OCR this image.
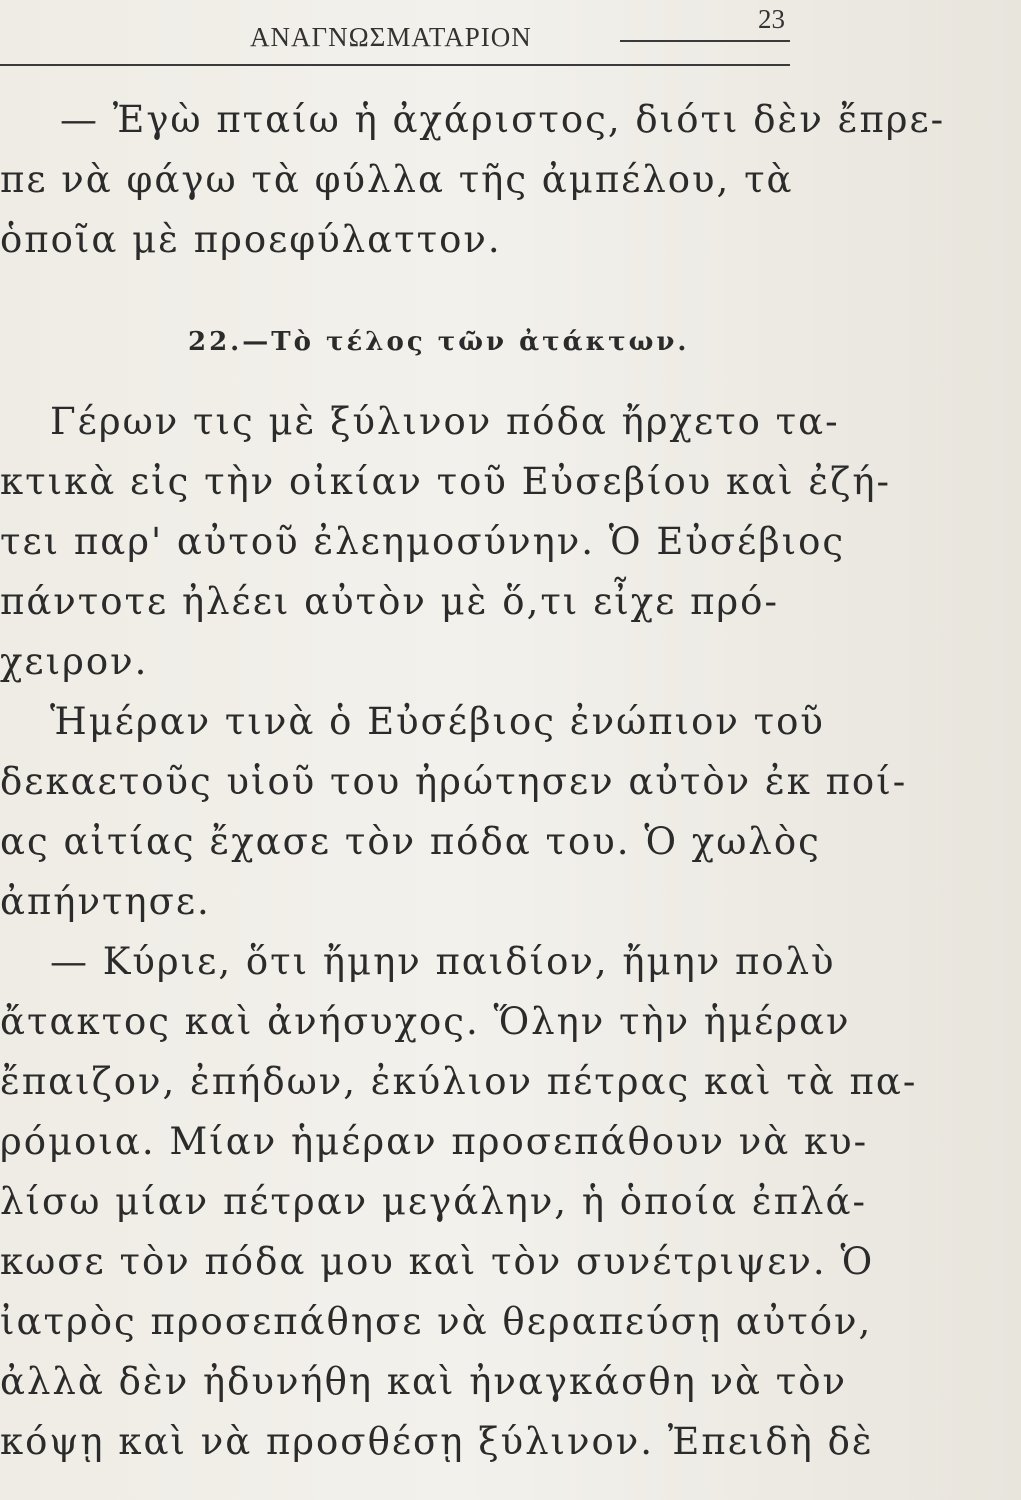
ΑΝΑΓΝΩΣΜΑΤΑΡΙΟΝ
23
— Ἐγὼ πταίω ἡ ἀχάριστος, διότι δὲν ἔπρε-
πε νὰ φάγω τὰ φύλλα τῆς ἀμπέλου, τὰ
ὁποῖα μὲ προεφύλαττον.
22.—Τὸ τέλος τῶν ἀτάκτων.
Γέρων τις μὲ ξύλινον πόδα ἤρχετο τα-
κτικὰ εἰς τὴν οἰκίαν τοῦ Εὐσεβίου καὶ ἐζή-
τει παρ' αὐτοῦ ἐλεημοσύνην. Ὁ Εὐσέβιος
πάντοτε ἠλέει αὐτὸν μὲ ὅ,τι εἶχε πρό-
χειρον.
Ἡμέραν τινὰ ὁ Εὐσέβιος ἐνώπιον τοῦ
δεκαετοῦς υἱοῦ του ἠρώτησεν αὐτὸν ἐκ ποί-
ας αἰτίας ἔχασε τὸν πόδα του. Ὁ χωλὸς
ἀπήντησε.
— Κύριε, ὅτι ἤμην παιδίον, ἤμην πολὺ
ἄτακτος καὶ ἀνήσυχος. Ὅλην τὴν ἡμέραν
ἔπαιζον, ἐπήδων, ἐκύλιον πέτρας καὶ τὰ πα-
ρόμοια. Μίαν ἡμέραν προσεπάθουν νὰ κυ-
λίσω μίαν πέτραν μεγάλην, ἡ ὁποία ἐπλά-
κωσε τὸν πόδα μου καὶ τὸν συνέτριψεν. Ὁ
ἰατρὸς προσεπάθησε νὰ θεραπεύσῃ αὐτόν,
ἀλλὰ δὲν ἠδυνήθη καὶ ἠναγκάσθη νὰ τὸν
κόψῃ καὶ νὰ προσθέσῃ ξύλινον. Ἐπειδὴ δὲ
